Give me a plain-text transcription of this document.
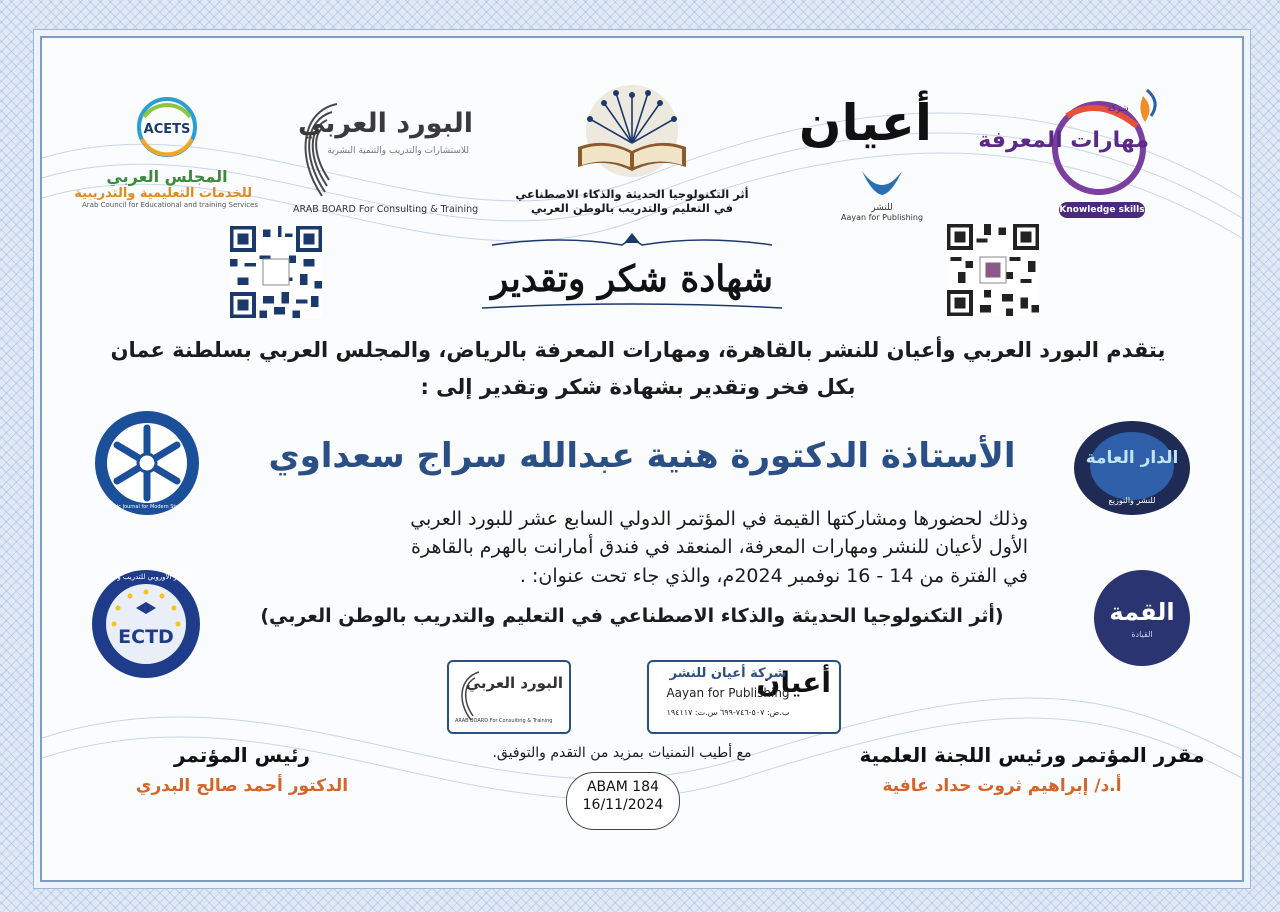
ACETS
المجلس العربي
للخدمات التعليمية والتدريبية
Arab Council for Educational and training Services
البورد العربي
للاستشارات والتدريب والتنمية البشرية
ARAB BOARD For Consulting & Training
أثر التكنولوجيا الحديثة والذكاء الاصطناعي
في التعليم والتدريب بالوطن العربي
أعيان
للنشر
Aayan for Publishing
مهارات المعرفة
شركة
Knowledge skills
شهادة شكر وتقدير
يتقدم البورد العربي وأعيان للنشر بالقاهرة، ومهارات المعرفة بالرياض، والمجلس العربي بسلطنة عمان
بكل فخر وتقدير بشهادة شكر وتقدير إلى :
Arabic Journal for Modern Studies
الدار العامة
للنشر والتوزيع
ECTD
المركز الأوروبي للتدريب والتنمية
القمة
القيادة
الأستاذة الدكتورة هنية عبدالله سراج سعداوي
وذلك لحضورها ومشاركتها القيمة في المؤتمر الدولي السابع عشر للبورد العربي
الأول لأعيان للنشر ومهارات المعرفة، المنعقد في فندق أمارانت بالهرم بالقاهرة
في الفترة من 14 - 16 نوفمبر 2024م، والذي جاء تحت عنوان: .
(أثر التكنولوجيا الحديثة والذكاء الاصطناعي في التعليم والتدريب بالوطن العربي)
البورد العربي
ARAB BOARD For Consulting & Training
أعيان
شركة أعيان للنشر
Aayan for Publishing
ب.ض: ٥٠٧-٧٤٦-٦٩٩ س.ت: ١٩٤١١٧
مع أطيب التمنيات بمزيد من التقدم والتوفيق.
ABAM 184
16/11/2024
رئيس المؤتمر
الدكتور أحمد صالح البدري
مقرر المؤتمر ورئيس اللجنة العلمية
أ.د/ إبراهيم ثروت حداد عافية
